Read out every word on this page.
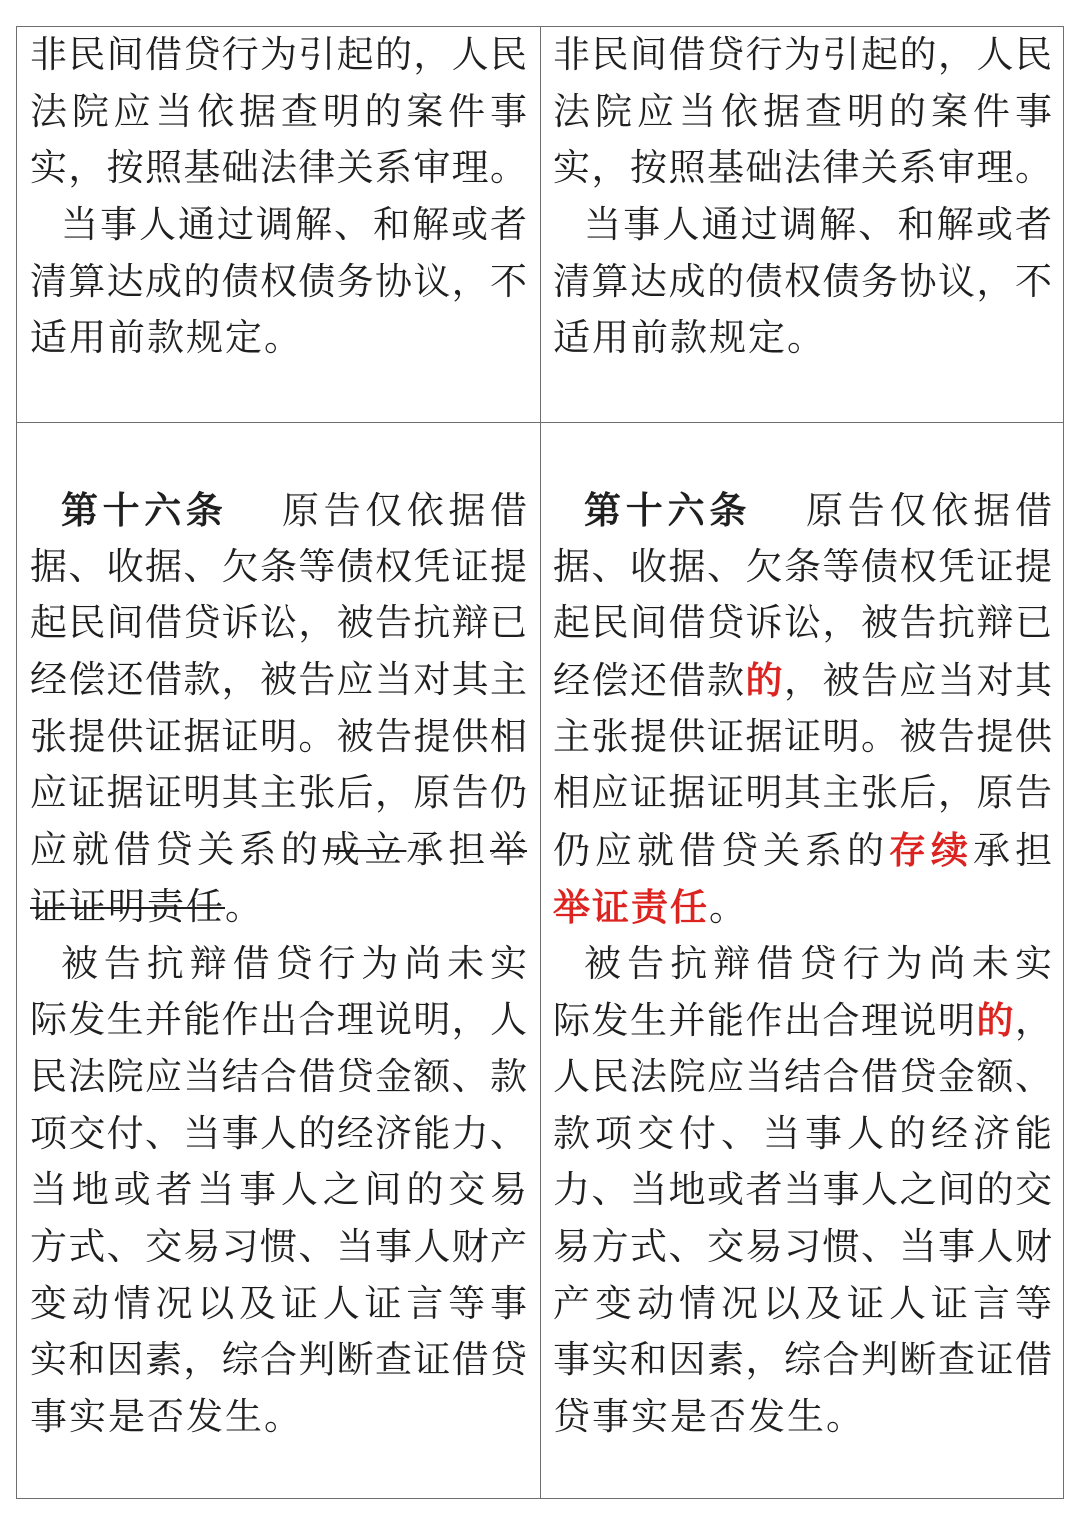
非民间借贷行为引起的，人民
法院应当依据查明的案件事
实，按照基础法律关系审理。
当事人通过调解、和解或者
清算达成的债权债务协议，不
适用前款规定。
非民间借贷行为引起的，人民
法院应当依据查明的案件事
实，按照基础法律关系审理。
当事人通过调解、和解或者
清算达成的债权债务协议，不
适用前款规定。
第十六条 原告仅依据借
据、收据、欠条等债权凭证提
起民间借贷诉讼，被告抗辩已
经偿还借款，被告应当对其主
张提供证据证明。被告提供相
应证据证明其主张后，原告仍
应就借贷关系的成立承担举
证证明责任。
被告抗辩借贷行为尚未实
际发生并能作出合理说明，人
民法院应当结合借贷金额、款
项交付、当事人的经济能力、
当地或者当事人之间的交易
方式、交易习惯、当事人财产
变动情况以及证人证言等事
实和因素，综合判断查证借贷
事实是否发生。
第十六条 原告仅依据借
据、收据、欠条等债权凭证提
起民间借贷诉讼，被告抗辩已
经偿还借款的，被告应当对其
主张提供证据证明。被告提供
相应证据证明其主张后，原告
仍应就借贷关系的存续承担
举证责任。
被告抗辩借贷行为尚未实
际发生并能作出合理说明的，
人民法院应当结合借贷金额、
款项交付、当事人的经济能
力、当地或者当事人之间的交
易方式、交易习惯、当事人财
产变动情况以及证人证言等
事实和因素，综合判断查证借
贷事实是否发生。
